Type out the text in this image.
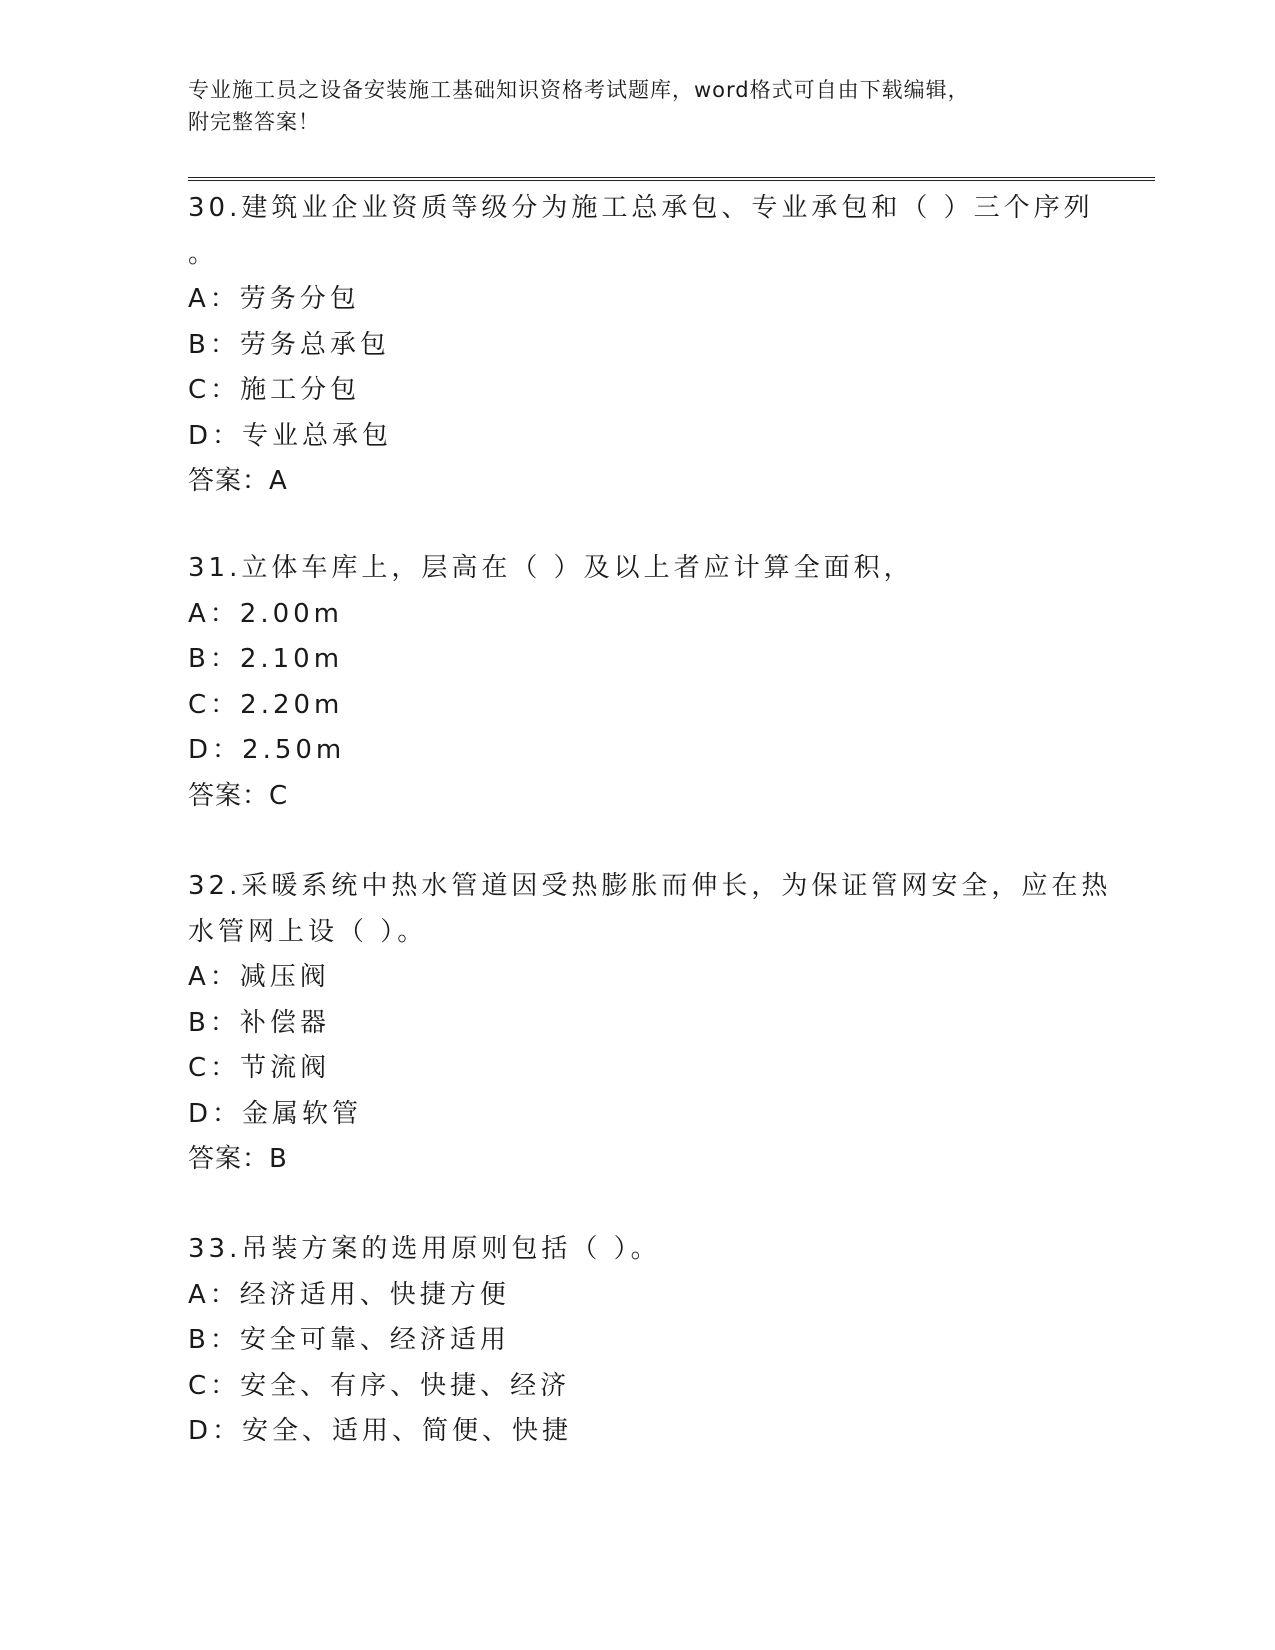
专业施工员之设备安装施工基础知识资格考试题库，word格式可自由下载编辑，
附完整答案！
30.建筑业企业资质等级分为施工总承包、专业承包和（ ）三个序列
。
A：劳务分包
B：劳务总承包
C：施工分包
D：专业总承包
答案：A
31.立体车库上，层高在（ ）及以上者应计算全面积，
A：2.00m
B：2.10m
C：2.20m
D：2.50m
答案：C
32.采暖系统中热水管道因受热膨胀而伸长，为保证管网安全，应在热
水管网上设（ ）。
A：减压阀
B：补偿器
C：节流阀
D：金属软管
答案：B
33.吊装方案的选用原则包括（ ）。
A：经济适用、快捷方便
B：安全可靠、经济适用
C：安全、有序、快捷、经济
D：安全、适用、简便、快捷
